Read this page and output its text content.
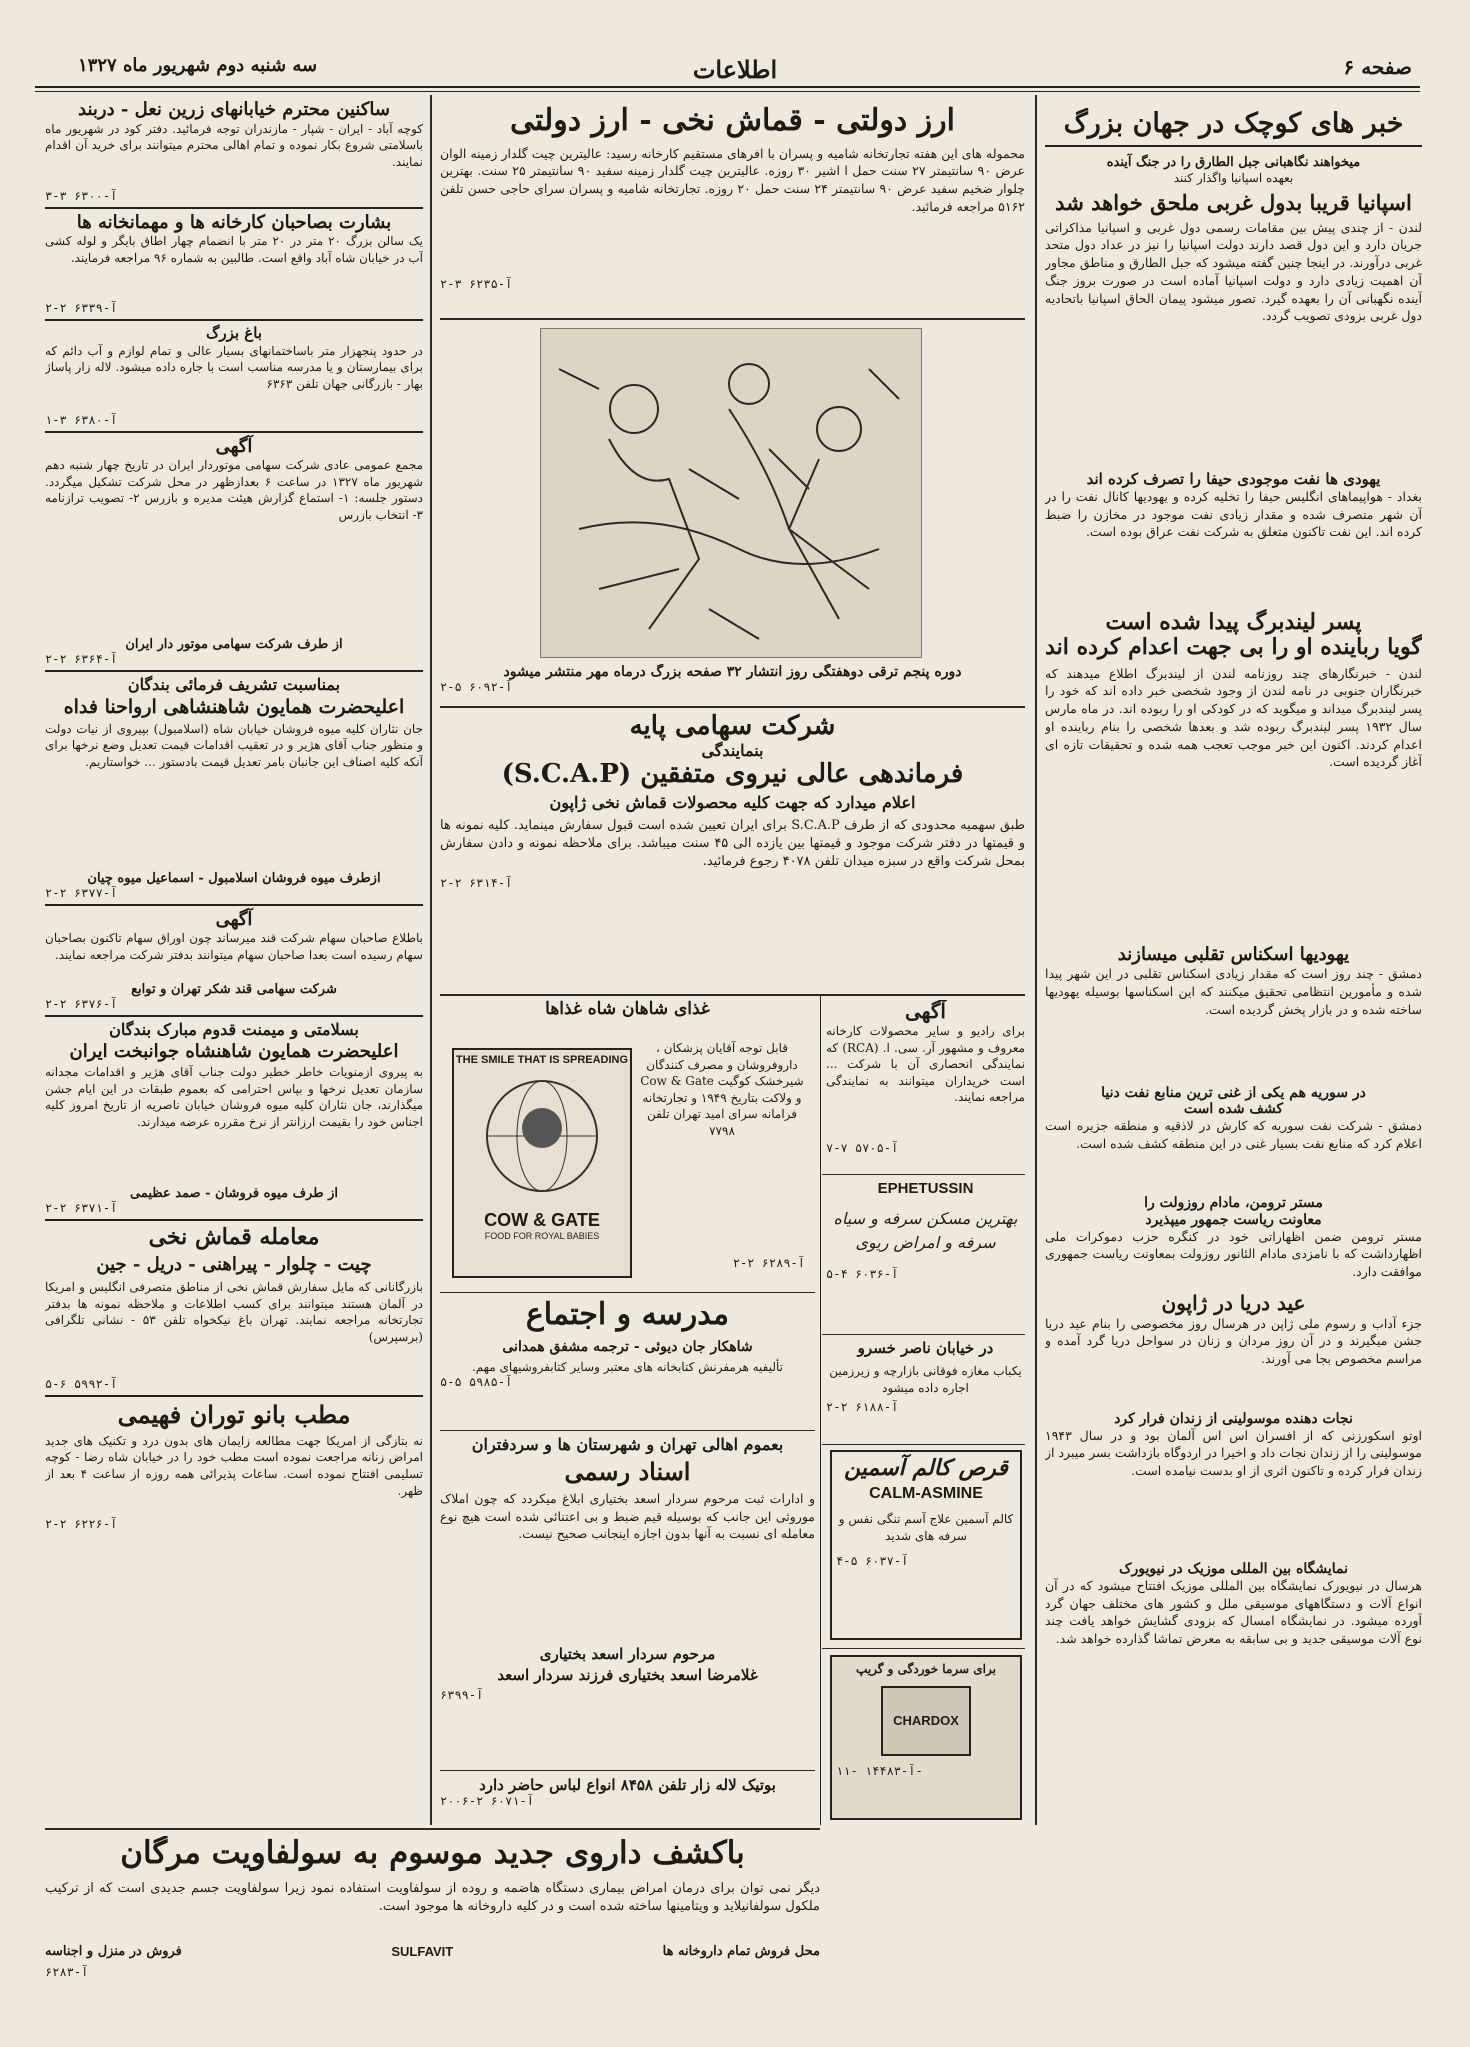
صفحه ۶
اطلاعات
سه شنبه دوم شهریور ماه ۱۳۲۷
خبر های کوچک در جهان بزرگ
میخواهند نگاهبانی جبل الطارق را در جنگ آینده
بعهده اسپانیا واگذار کنند
اسپانیا قریبا بدول غربی ملحق خواهد شد
لندن - از چندی پیش بین مقامات رسمی دول غربی و اسپانیا مذاکراتی جریان دارد و این دول قصد دارند دولت اسپانیا را نیز در عداد دول متحد غربی درآورند. در اینجا چنین گفته میشود که جبل الطارق و مناطق مجاور آن اهمیت زیادی دارد و دولت اسپانیا آماده است در صورت بروز جنگ آینده نگهبانی آن را بعهده گیرد. تصور میشود پیمان الحاق اسپانیا باتحادیه دول غربی بزودی تصویب گردد.
یهودی ها نفت موجودی حیفا را تصرف کرده اند
بغداد - هواپیماهای انگلیس حیفا را تخلیه کرده و یهودیها کانال نفت را در آن شهر متصرف شده و مقدار زیادی نفت موجود در مخازن را ضبط کرده اند. این نفت تاکنون متعلق به شرکت نفت عراق بوده است.
پسر لیندبرگ پیدا شده است
گویا رباینده او را بی جهت اعدام کرده اند
لندن - خبرنگارهای چند روزنامه لندن از لیندبرگ اطلاع میدهند که خبرنگاران جنوبی در نامه لندن از وجود شخصی خبر داده اند که خود را پسر لیندبرگ میداند و میگوید که در کودکی او را ربوده اند. در ماه مارس سال ۱۹۳۲ پسر لیندبرگ ربوده شد و بعدها شخصی را بنام رباینده او اعدام کردند. اکنون این خبر موجب تعجب همه شده و تحقیقات تازه ای آغاز گردیده است.
یهودیها اسکناس تقلبی میسازند
دمشق - چند روز است که مقدار زیادی اسکناس تقلبی در این شهر پیدا شده و مأمورین انتظامی تحقیق میکنند که این اسکناسها بوسیله یهودیها ساخته شده و در بازار پخش گردیده است.
در سوریه هم یکی از غنی ترین منابع نفت دنیا
کشف شده است
دمشق - شرکت نفت سوریه که کارش در لاذقیه و منطقه جزیره است اعلام کرد که منابع نفت بسیار غنی در این منطقه کشف شده است.
مستر ترومن، مادام روزولت را
معاونت ریاست جمهور میپذیرد
مستر ترومن ضمن اظهاراتی خود در کنگره حزب دموکرات ملی اظهارداشت که با نامزدی مادام الئانور روزولت بمعاونت ریاست جمهوری موافقت دارد.
عید دریا در ژاپون
جزء آداب و رسوم ملی ژاپن در هرسال روز مخصوصی را بنام عید دریا جشن میگیرند و در آن روز مردان و زنان در سواحل دریا گرد آمده و مراسم مخصوص بجا می آورند.
نجات دهنده موسولینی از زندان فرار کرد
اوتو اسکورزنی که از افسران اس اس آلمان بود و در سال ۱۹۴۳ موسولینی را از زندان نجات داد و اخیرا در اردوگاه بازداشت بسر میبرد از زندان فرار کرده و تاکنون اثری از او بدست نیامده است.
نمایشگاه بین المللی موزیک در نیویورک
هرسال در نیویورک نمایشگاه بین المللی موزیک افتتاح میشود که در آن انواع آلات و دستگاههای موسیقی ملل و کشور های مختلف جهان گرد آورده میشود. در نمایشگاه امسال که بزودی گشایش خواهد یافت چند نوع آلات موسیقی جدید و بی سابقه به معرض تماشا گذارده خواهد شد.
ارز دولتی - قماش نخی - ارز دولتی
محموله های این هفته تجارتخانه شامیه و پسران با افرهای مستقیم کارخانه رسید: عالیترین چیت گلدار زمینه الوان عرض ۹۰ سانتیمتر ۲۷ سنت حمل ا اشیر ۳۰ روزه. عالیترین چیت گلدار زمینه سفید ۹۰ سانتیمتر ۲۵ سنت. بهترین چلوار ضخیم سفید عرض ۹۰ سانتیمتر ۲۴ سنت حمل ۲۰ روزه. تجارتخانه شامیه و پسران سرای حاجی حسن تلفن ۵۱۶۲ مراجعه فرمائید.
آ-۶۲۳۵ ۳-۲
دوره پنجم ترقی دوهفتگی روز انتشار ۳۲ صفحه بزرگ درماه مهر منتشر میشود
آ-۶۰۹۲ ۵-۲
شرکت سهامی پایه
بنمایندگی
فرماندهی عالی نیروی متفقین (S.C.A.P)
اعلام میدارد که جهت کلیه محصولات قماش نخی ژاپون
طبق سهمیه محدودی که از طرف S.C.A.P برای ایران تعیین شده است قبول سفارش مینماید. کلیه نمونه ها و قیمتها در دفتر شرکت موجود و قیمتها بین یازده الی ۴۵ سنت میباشد. برای ملاحظه نمونه و دادن سفارش بمحل شرکت واقع در سبزه میدان تلفن ۴۰۷۸ رجوع فرمائید.
آ-۶۳۱۴ ۲-۲
غذای شاهان شاه غذاها
THE SMILE THAT IS SPREADING
COW & GATE
FOOD FOR ROYAL BABIES
قابل توجه آقایان پزشکان ، داروفروشان و مصرف کنندگان شیرخشک کوگیت Cow & Gate و ولاکت بتاریخ ۱۹۴۹ و تجارتخانه فرامانه سرای امید تهران تلفن ۷۷۹۸
آ-۶۲۸۹ ۲-۲
آگهی
برای رادیو و سایر محصولات کارخانه معروف و مشهور آر. سی. ا. (RCA) که نمایندگی انحصاری آن با شرکت ... است خریداران میتوانند به نمایندگی مراجعه نمایند.
آ-۵۷۰۵ ۷-۷
EPHETUSSIN
بهترین مسکن سرفه و سیاه سرفه و امراض ریوی
آ-۶۰۳۶ ۴-۵
مدرسه و اجتماع
شاهکار جان دیوئی - ترجمه مشفق همدانی
تألیفیه هرمفرنش کتابخانه های معتبر وسایر کتابفروشیهای مهم.
آ-۵۹۸۵ ۵-۵
در خیابان ناصر خسرو
یکباب مغازه فوقانی بازارچه و زیرزمین اجاره داده میشود
آ-۶۱۸۸ ۲-۲
بعموم اهالی تهران و شهرستان ها و سردفتران
اسناد رسمی
و ادارات ثبت مرحوم سردار اسعد بختیاری ابلاغ میکردد که چون املاک موروثی این جانب که بوسیله قیم ضبط و بی اعتنائی شده است هیچ نوع معامله ای نسبت به آنها بدون اجازه اینجانب صحیح نیست.
مرحوم سردار اسعد بختیاری
غلامرضا اسعد بختیاری فرزند سردار اسعد
آ-۶۳۹۹
قرص کالم آسمین
CALM-ASMINE
کالم آسمین علاج آسم تنگی نفس و سرفه های شدید
آ-۶۰۳۷ ۵-۴
برای سرما خوردگی و گریپ
CHARDOX
آ-۱۴۴۸۳ -۱۱-
بوتیک لاله زار تلفن ۸۴۵۸ انواع لباس حاضر دارد
آ-۶۰۷۱ ۲-۲۰۰۶
ساکنین محترم خیابانهای زرین نعل - دربند
کوچه آباد - ایران - شپار - مازندران توجه فرمائید. دفتر کود در شهریور ماه باسلامتی شروع بکار نموده و تمام اهالی محترم میتوانند برای خرید آن اقدام نمایند.
آ-۶۳۰۰ ۳-۳
بشارت بصاحبان کارخانه ها و مهمانخانه ها
یک سالن بزرگ ۲۰ متر در ۲۰ متر با انضمام چهار اطاق بایگر و لوله کشی آب در خیابان شاه آباد واقع است. طالبین به شماره ۹۶ مراجعه فرمایند.
آ-۶۳۳۹ ۲-۲
باغ بزرگ
در حدود پنجهزار متر باساختمانهای بسیار عالی و تمام لوازم و آب دائم که برای بیمارستان و یا مدرسه مناسب است با جاره داده میشود. لاله زار پاساژ بهار - بازرگانی جهان تلفن ۶۳۶۳
آ-۶۳۸۰ ۳-۱
آگهی
مجمع عمومی عادی شرکت سهامی موتوردار ایران در تاریخ چهار شنبه دهم شهریور ماه ۱۳۲۷ در ساعت ۶ بعدازظهر در محل شرکت تشکیل میگردد. دستور جلسه: ۱- استماع گزارش هیئت مدیره و بازرس ۲- تصویب ترازنامه ۳- انتخاب بازرس
از طرف شرکت سهامی موتور دار ایران
آ-۶۳۶۴ ۲-۲
بمناسبت تشریف فرمائی بندگان
اعلیحضرت همایون شاهنشاهی ارواحنا فداه
جان نثاران کلیه میوه فروشان خیابان شاه (اسلامبول) بپیروی از نیات دولت و منظور جناب آقای هژیر و در تعقیب اقدامات قیمت تعدیل وضع نرخها برای آنکه کلیه اصناف این جانبان بامر تعدیل قیمت بادستور ... خواستاریم.
ازطرف میوه فروشان اسلامبول - اسماعیل میوه چیان
آ-۶۳۷۷ ۲-۲
آگهی
باطلاع صاحبان سهام شرکت قند میرساند چون اوراق سهام تاکنون بصاحبان سهام رسیده است بعدا صاحبان سهام میتوانند بدفتر شرکت مراجعه نمایند.
شرکت سهامی قند شکر تهران و توابع
آ-۶۳۷۶ ۲-۲
بسلامتی و میمنت قدوم مبارک بندگان
اعلیحضرت همایون شاهنشاه جوانبخت ایران
به پیروی ازمنویات خاطر خطیر دولت جناب آقای هژیر و اقدامات مجدانه سازمان تعدیل نرخها و بپاس احترامی که بعموم طبقات در این ایام جشن میگذارند، جان نثاران کلیه میوه فروشان خیابان ناصریه از تاریخ امروز کلیه اجناس خود را بقیمت ارزانتر از نرخ مقرره عرضه میدارند.
از طرف میوه فروشان - صمد عظیمی
آ-۶۳۷۱ ۲-۲
معامله قماش نخی
چیت - چلوار - پیراهنی - دریل - جین
بازرگانانی که مایل سفارش قماش نخی از مناطق متصرفی انگلیس و امریکا در آلمان هستند میتوانند برای کسب اطلاعات و ملاحظه نمونه ها بدفتر تجارتخانه مراجعه نمایند. تهران باغ نیکخواه تلفن ۵۳ - نشانی تلگرافی (برسپرس)
آ-۵۹۹۲ ۶-۵
مطب بانو توران فهیمی
نه بتازگی از امریکا جهت مطالعه زایمان های بدون درد و تکنیک های جدید امراض زنانه مراجعت نموده است مطب خود را در خیابان شاه رضا - کوچه تسلیمی افتتاح نموده است. ساعات پذیرائی همه روزه از ساعت ۴ بعد از ظهر.
آ-۶۲۲۶ ۲-۲
باکشف داروی جدید موسوم به سولفاویت مرگان
دیگر نمی توان برای درمان امراض بیماری دستگاه هاضمه و روده از سولفاویت استفاده نمود زیرا سولفاویت جسم جدیدی است که از ترکیب ملکول سولفانیلاید و ویتامینها ساخته شده است و در کلیه داروخانه ها موجود است.
محل فروش تمام داروخانه ها
SULFAVIT
فروش در منزل و اجناسه
آ-۶۲۸۳
